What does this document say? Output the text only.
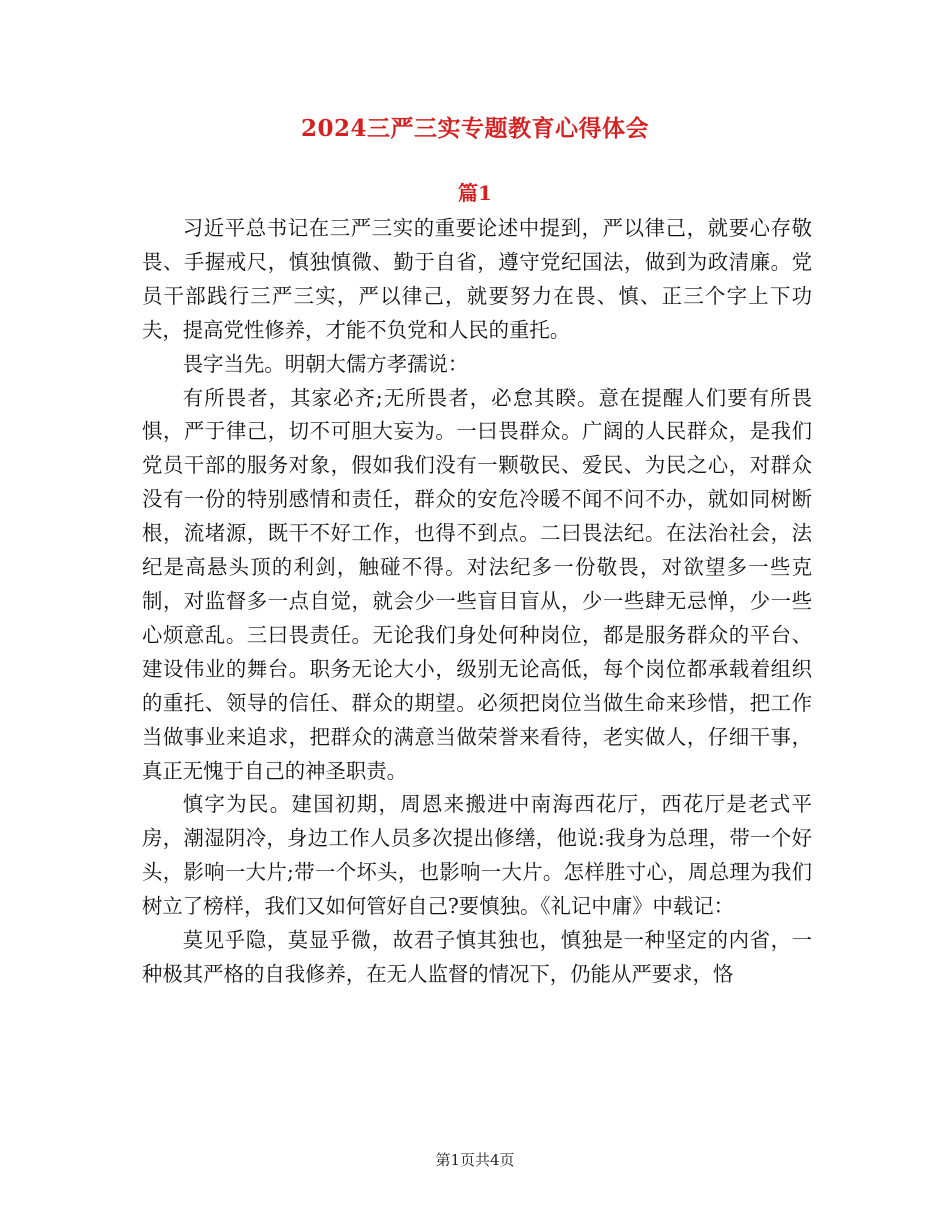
2024三严三实专题教育心得体会
篇1

习近平总书记在三严三实的重要论述中提到，严以律己，就要心存敬畏、手握戒尺，慎独慎微、勤于自省，遵守党纪国法，做到为政清廉。党员干部践行三严三实，严以律己，就要努力在畏、慎、正三个字上下功夫，提高党性修养，才能不负党和人民的重托。

畏字当先。明朝大儒方孝孺说：

有所畏者，其家必齐;无所畏者，必怠其睽。意在提醒人们要有所畏惧，严于律己，切不可胆大妄为。一曰畏群众。广阔的人民群众，是我们党员干部的服务对象，假如我们没有一颗敬民、爱民、为民之心，对群众没有一份的特别感情和责任，群众的安危冷暖不闻不问不办，就如同树断根，流堵源，既干不好工作，也得不到点。二曰畏法纪。在法治社会，法纪是高悬头顶的利剑，触碰不得。对法纪多一份敬畏，对欲望多一些克制，对监督多一点自觉，就会少一些盲目盲从，少一些肆无忌惮，少一些心烦意乱。三曰畏责任。无论我们身处何种岗位，都是服务群众的平台、建设伟业的舞台。职务无论大小，级别无论高低，每个岗位都承载着组织的重托、领导的信任、群众的期望。必须把岗位当做生命来珍惜，把工作当做事业来追求，把群众的满意当做荣誉来看待，老实做人，仔细干事，真正无愧于自己的神圣职责。

慎字为民。建国初期，周恩来搬进中南海西花厅，西花厅是老式平房，潮湿阴冷，身边工作人员多次提出修缮，他说:我身为总理，带一个好头，影响一大片;带一个坏头，也影响一大片。怎样胜寸心，周总理为我们树立了榜样，我们又如何管好自己?要慎独。《礼记中庸》中载记：

莫见乎隐，莫显乎微，故君子慎其独也，慎独是一种坚定的内省，一种极其严格的自我修养，在无人监督的情况下，仍能从严要求，恪

第1页共4页
